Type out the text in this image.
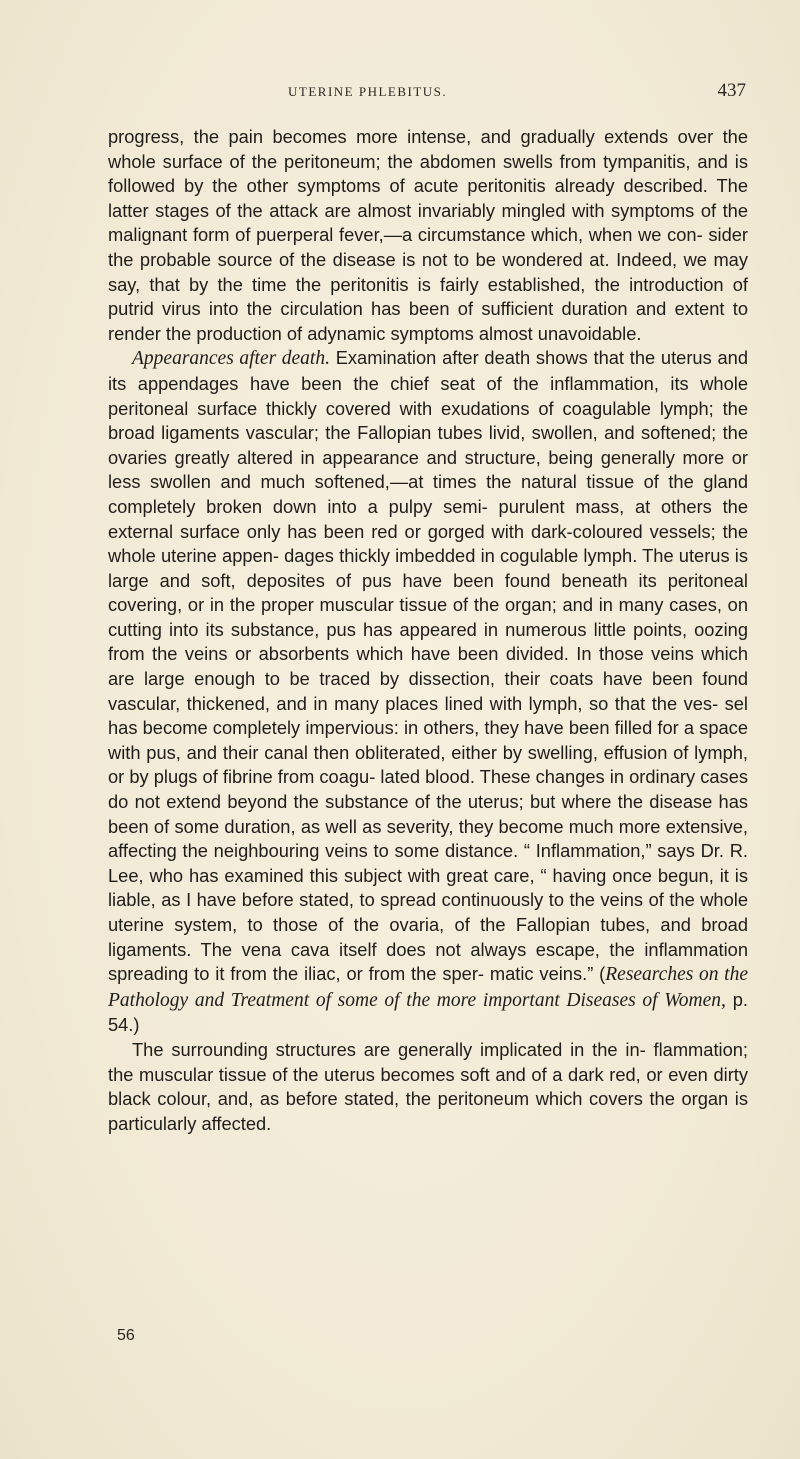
UTERINE PHLEBITUS.	437

progress, the pain becomes more intense, and gradually extends over the whole surface of the peritoneum; the abdomen swells from tympanitis, and is followed by the other symptoms of acute peritonitis already described. The latter stages of the attack are almost invariably mingled with symptoms of the malignant form of puerperal fever,—a circumstance which, when we con- sider the probable source of the disease is not to be wondered at. Indeed, we may say, that by the time the peritonitis is fairly established, the introduction of putrid virus into the circulation has been of sufficient duration and extent to render the production of adynamic symptoms almost unavoidable.

Appearances after death. Examination after death shows that the uterus and its appendages have been the chief seat of the inflammation, its whole peritoneal surface thickly covered with exudations of coagulable lymph; the broad ligaments vascular; the Fallopian tubes livid, swollen, and softened; the ovaries greatly altered in appearance and structure, being generally more or less swollen and much softened,—at times the natural tissue of the gland completely broken down into a pulpy semi- purulent mass, at others the external surface only has been red or gorged with dark-coloured vessels; the whole uterine appen- dages thickly imbedded in cogulable lymph. The uterus is large and soft, deposites of pus have been found beneath its peritoneal covering, or in the proper muscular tissue of the organ; and in many cases, on cutting into its substance, pus has appeared in numerous little points, oozing from the veins or absorbents which have been divided. In those veins which are large enough to be traced by dissection, their coats have been found vascular, thickened, and in many places lined with lymph, so that the ves- sel has become completely impervious: in others, they have been filled for a space with pus, and their canal then obliterated, either by swelling, effusion of lymph, or by plugs of fibrine from coagu- lated blood. These changes in ordinary cases do not extend beyond the substance of the uterus; but where the disease has been of some duration, as well as severity, they become much more extensive, affecting the neighbouring veins to some distance. “ Inflammation,” says Dr. R. Lee, who has examined this subject with great care, “ having once begun, it is liable, as I have before stated, to spread continuously to the veins of the whole uterine system, to those of the ovaria, of the Fallopian tubes, and broad ligaments. The vena cava itself does not always escape, the inflammation spreading to it from the iliac, or from the sper- matic veins.” (Researches on the Pathology and Treatment of some of the more important Diseases of Women, p. 54.)

The surrounding structures are generally implicated in the in- flammation; the muscular tissue of the uterus becomes soft and of a dark red, or even dirty black colour, and, as before stated, the peritoneum which covers the organ is particularly affected.

56
